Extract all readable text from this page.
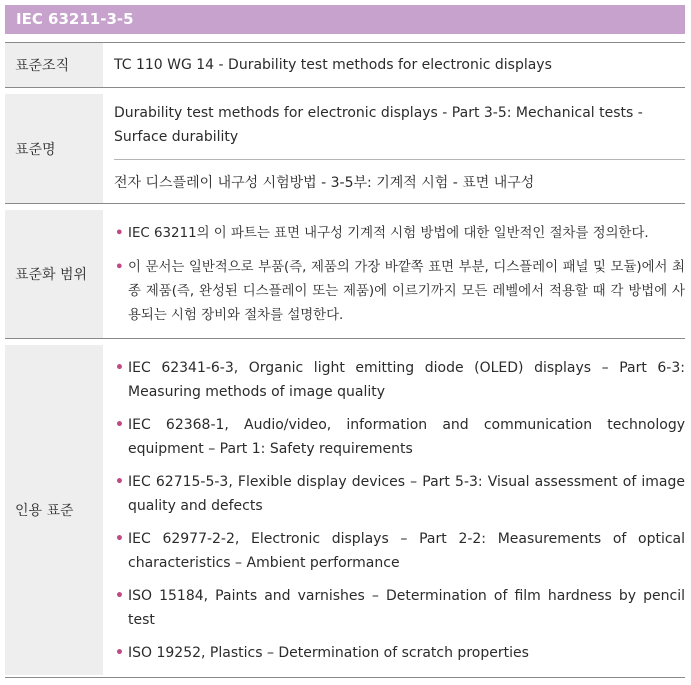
IEC 63211-3-5
표준조직	TC 110 WG 14 - Durability test methods for electronic displays
표준명
Durability test methods for electronic displays - Part 3-5: Mechanical tests - Surface durability
전자 디스플레이 내구성 시험방법 - 3-5부: 기계적 시험 - 표면 내구성
표준화 범위
• IEC 63211의 이 파트는 표면 내구성 기계적 시험 방법에 대한 일반적인 절차를 정의한다.
• 이 문서는 일반적으로 부품(즉, 제품의 가장 바깥쪽 표면 부분, 디스플레이 패널 및 모듈)에서 최종 제품(즉, 완성된 디스플레이 또는 제품)에 이르기까지 모든 레벨에서 적용할 때 각 방법에 사용되는 시험 장비와 절차를 설명한다.
인용 표준
• IEC 62341-6-3, Organic light emitting diode (OLED) displays – Part 6-3: Measuring methods of image quality
• IEC 62368-1, Audio/video, information and communication technology equipment – Part 1: Safety requirements
• IEC 62715-5-3, Flexible display devices – Part 5-3: Visual assessment of image quality and defects
• IEC 62977-2-2, Electronic displays – Part 2-2: Measurements of optical characteristics – Ambient performance
• ISO 15184, Paints and varnishes – Determination of film hardness by pencil test
• ISO 19252, Plastics – Determination of scratch properties
